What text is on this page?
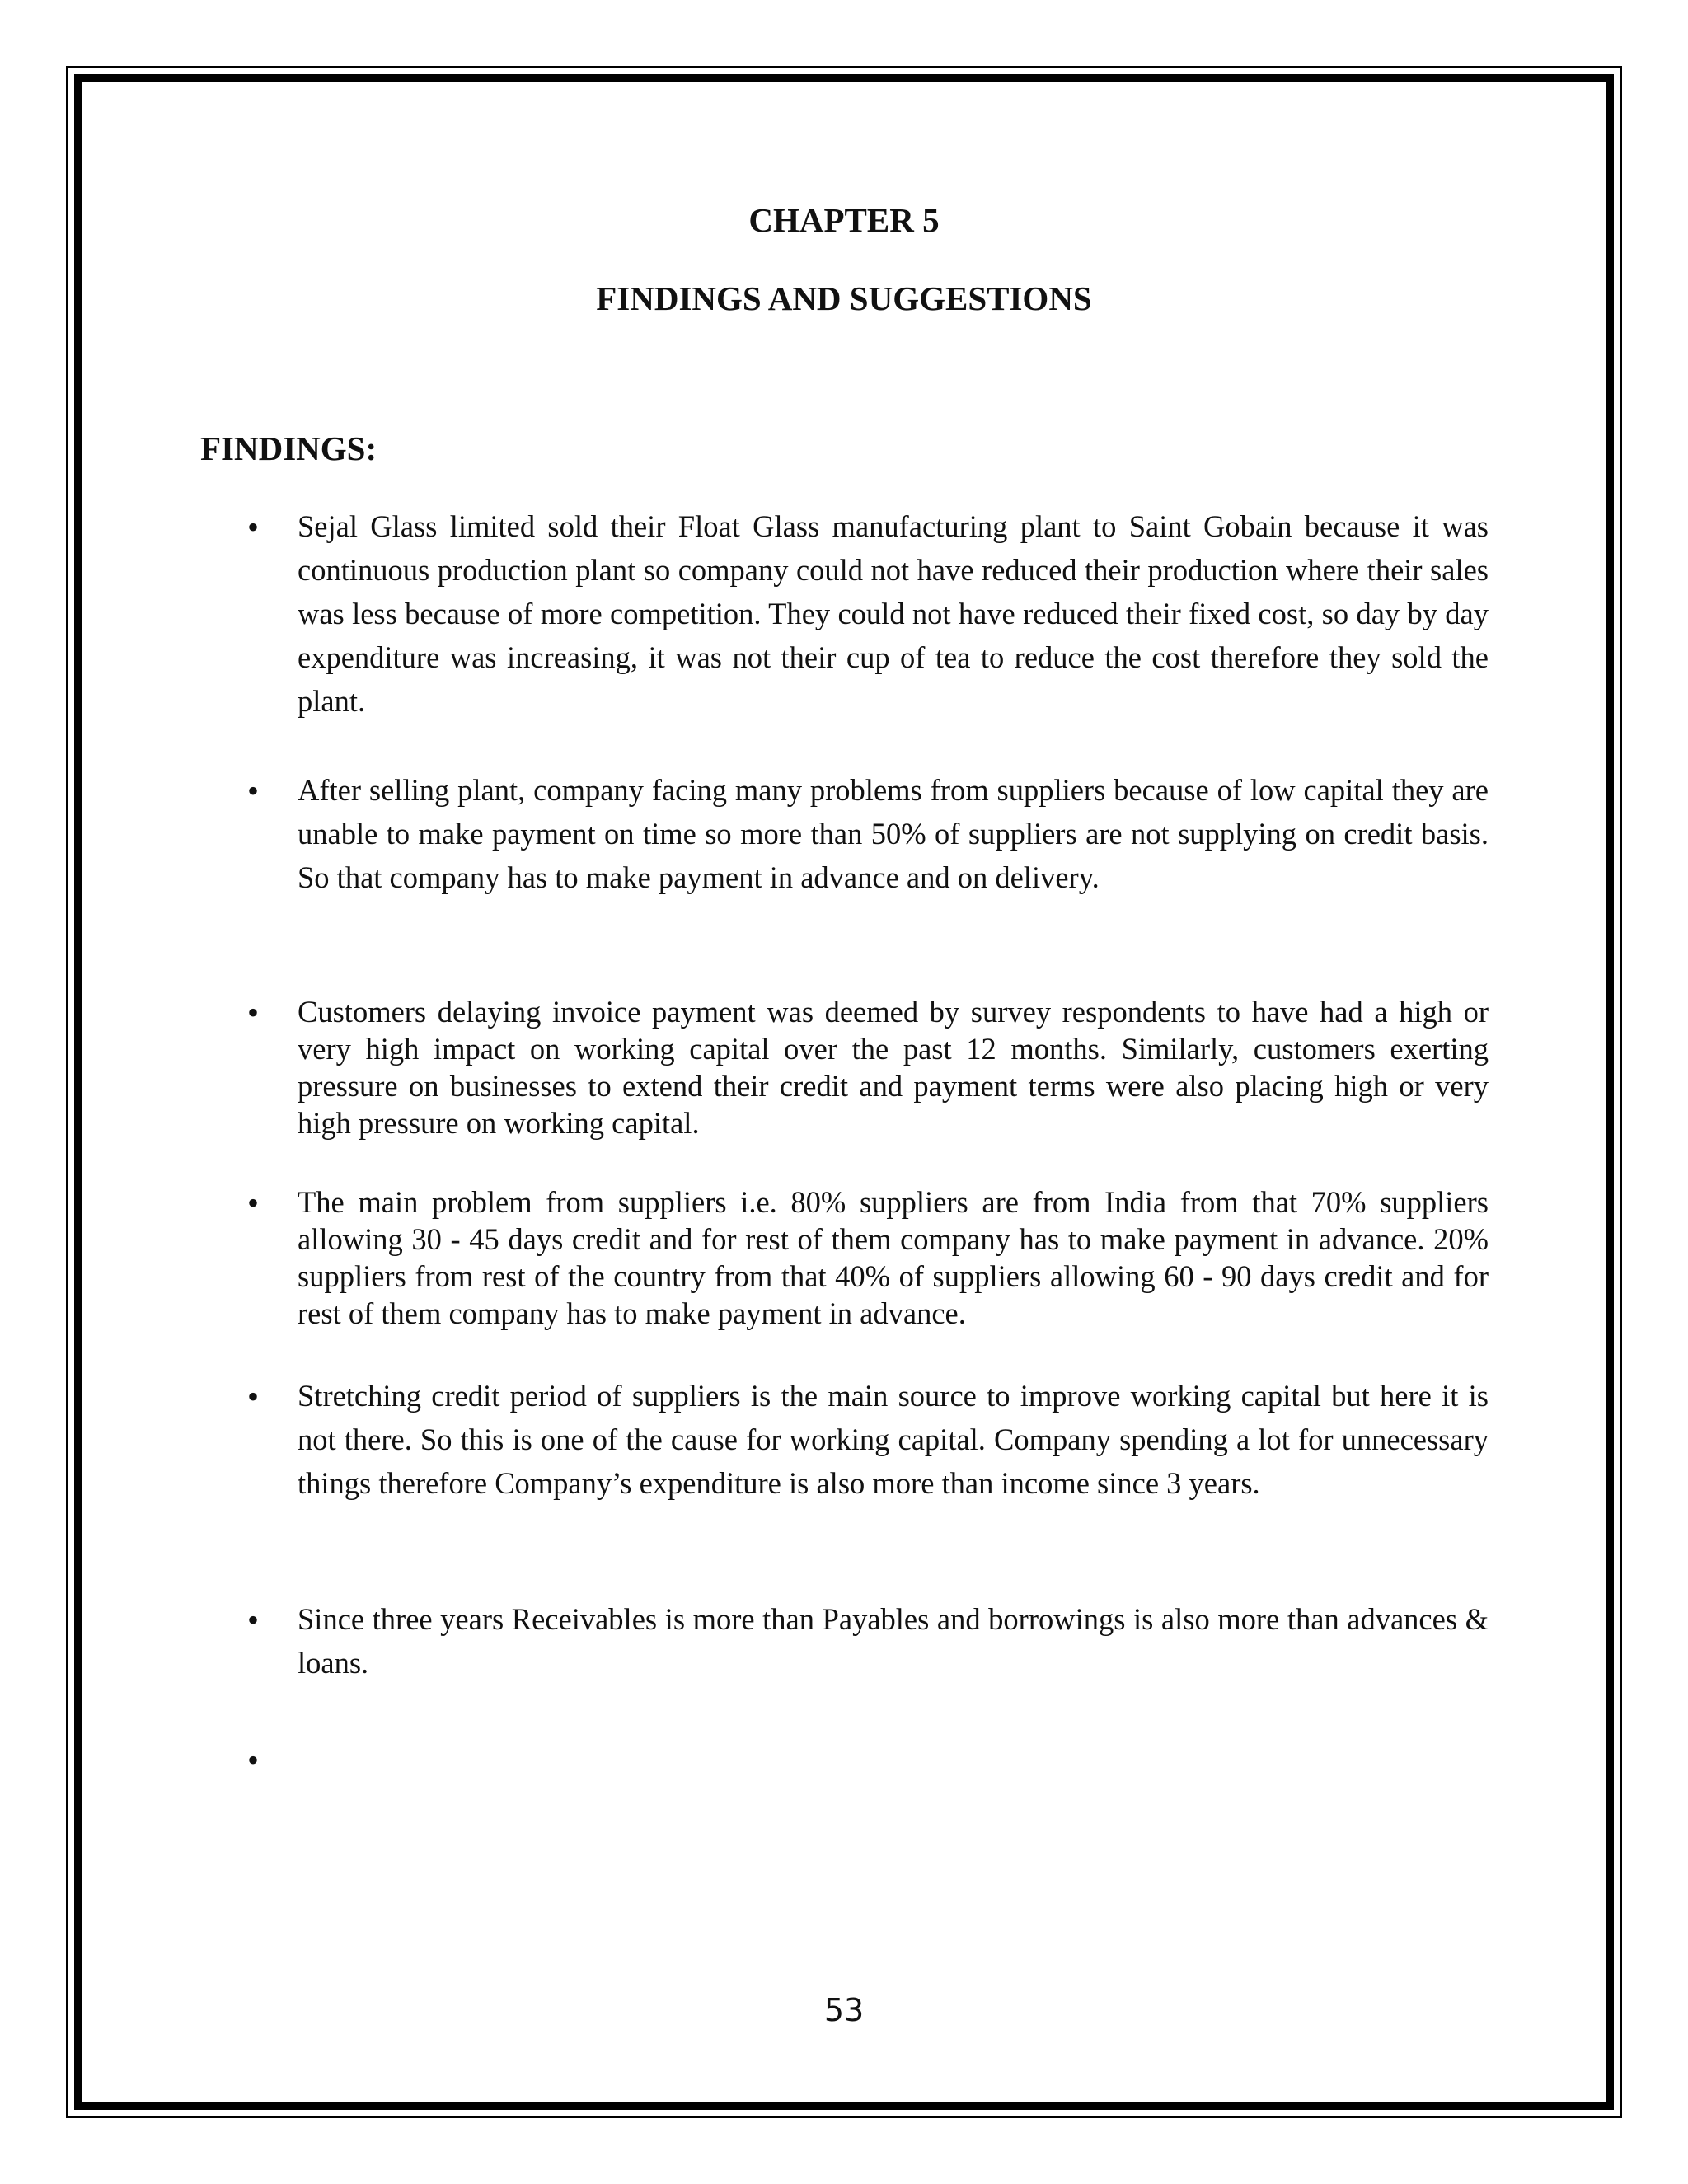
CHAPTER 5
FINDINGS AND SUGGESTIONS
FINDINGS:
• Sejal Glass limited sold their Float Glass manufacturing plant to Saint Gobain because it was continuous production plant so company could not have reduced their production where their sales was less because of more competition. They could not have reduced their fixed cost, so day by day expenditure was increasing, it was not their cup of tea to reduce the cost therefore they sold the plant.

• After selling plant, company facing many problems from suppliers because of low capital they are unable to make payment on time so more than 50% of suppliers are not supplying on credit basis. So that company has to make payment in advance and on delivery.

• Customers delaying invoice payment was deemed by survey respondents to have had a high or very high impact on working capital over the past 12 months. Similarly, customers exerting pressure on businesses to extend their credit and payment terms were also placing high or very high pressure on working capital.

• The main problem from suppliers i.e. 80% suppliers are from India from that 70% suppliers allowing 30 - 45 days credit and for rest of them company has to make payment in advance. 20% suppliers from rest of the country from that 40% of suppliers allowing 60 - 90 days credit and for rest of them company has to make payment in advance.

• Stretching credit period of suppliers is the main source to improve working capital but here it is not there. So this is one of the cause for working capital. Company spending a lot for unnecessary things therefore Company’s expenditure is also more than income since 3 years.

• Since three years Receivables is more than Payables and borrowings is also more than advances & loans.

•

53
